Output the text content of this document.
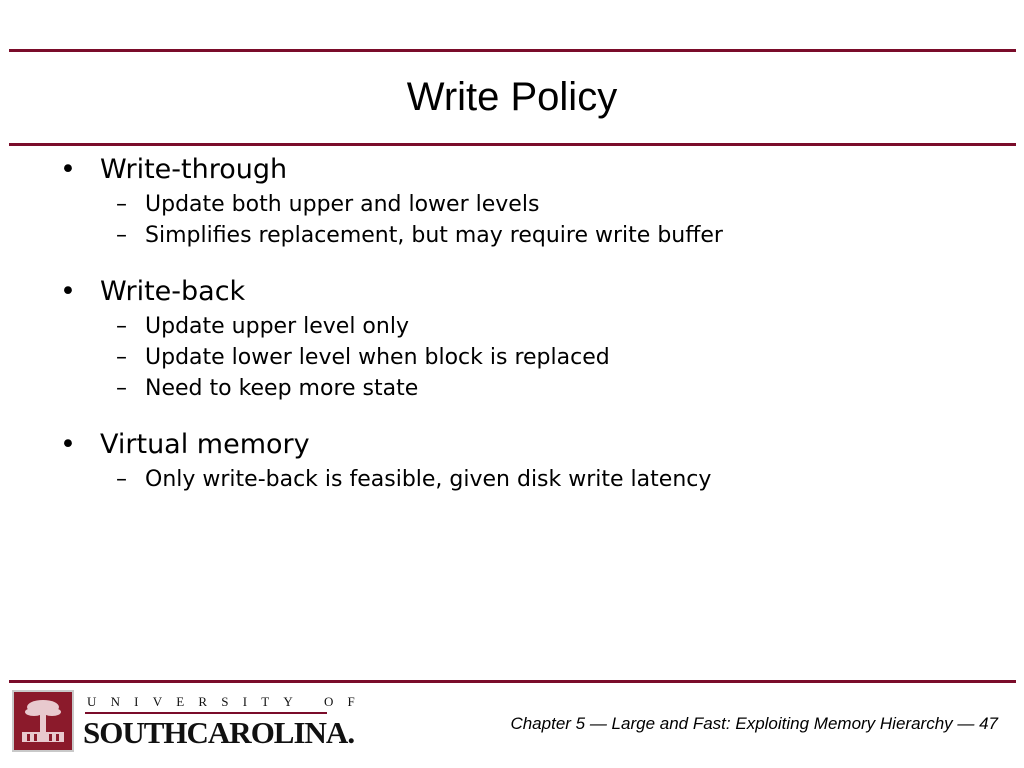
Write Policy
• Write-through
– Update both upper and lower levels
– Simplifies replacement, but may require write buffer
• Write-back
– Update upper level only
– Update lower level when block is replaced
– Need to keep more state
• Virtual memory
– Only write-back is feasible, given disk write latency
UNIVERSITY OF
SOUTHCAROLINA.	Chapter 5 — Large and Fast: Exploiting Memory Hierarchy — 47
